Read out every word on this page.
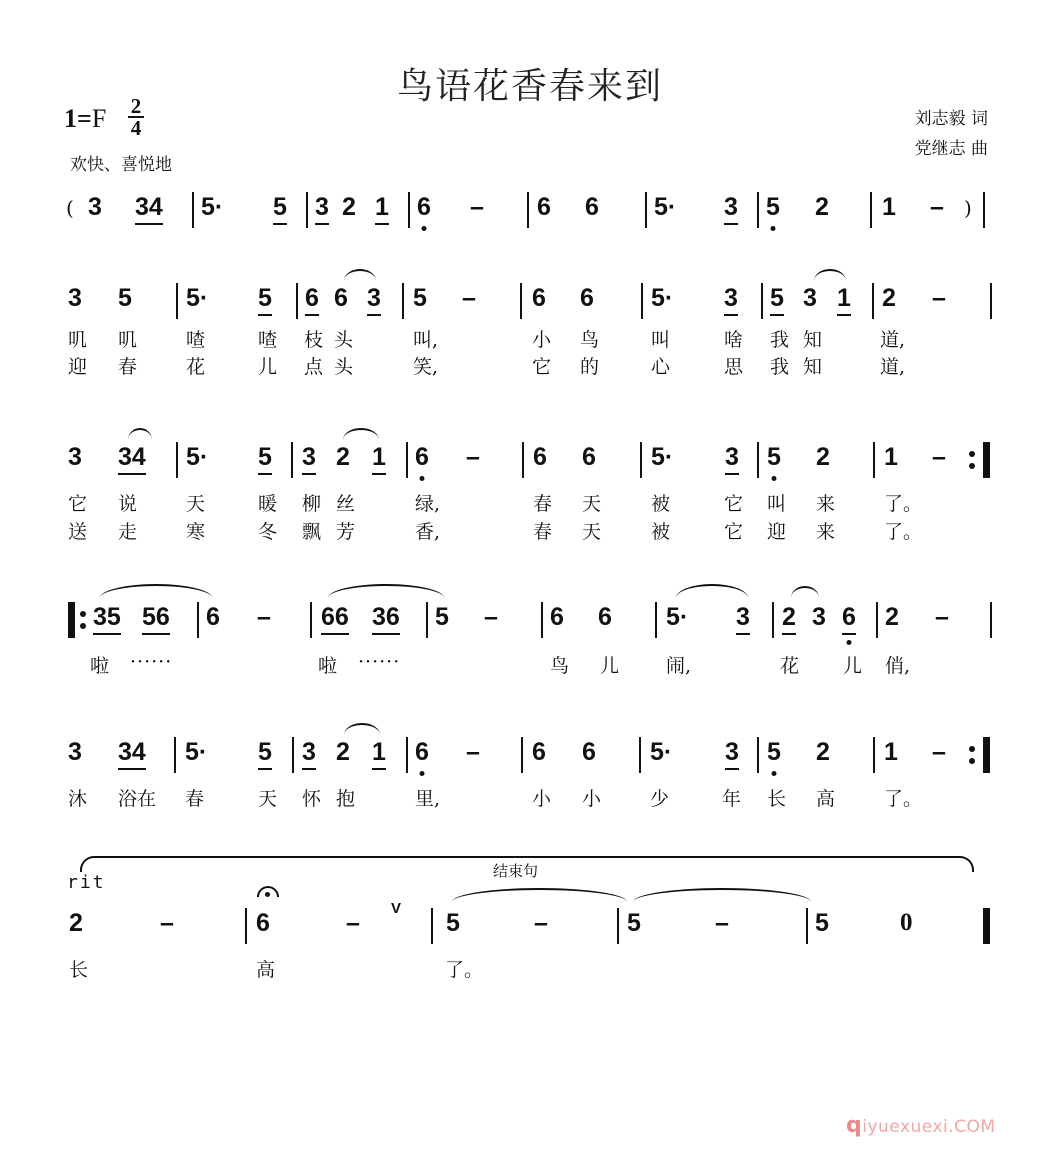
鸟语花香春来到
1=F 2
4
欢快、喜悦地
刘志毅 词
党继志 曲
( 3 34 5· 5 3 2 1 6 – 6 6 5· 3 5 2 1 – )
3 5 5· 5 6 6 3 5 – 6 6 5· 3 5 3 1 2 –
叽 叽	喳	喳 枝 头	叫,	小 鸟	叫	啥 我 知	道,
迎 春	花	儿 点 头	笑,	它 的	心	思 我 知	道,
3 34 5· 5 3 2 1 6 – 6 6 5· 3 5 2 1 –
它 说	天	暖 柳 丝	绿,	春 天	被	它 叫 来	了。
送 走	寒	冬 飘 芳	香,	春 天	被	它 迎 来	了。
35 56 6 – 66 36 5 – 6 6 5· 3 2 3 6 2 –
啦 ······	啦 ······	鸟 儿 闹,	花 儿 俏,
3 34 5· 5 3 2 1 6 – 6 6 5· 3 5 2 1 –
沐 浴在 春	天 怀 抱	里,	小 小	少	年 长 高	了。
rit
结束句
2	–	6	–
V
5	–	5	–	5	0
长	高	了。
qiyuexuexi.COM
